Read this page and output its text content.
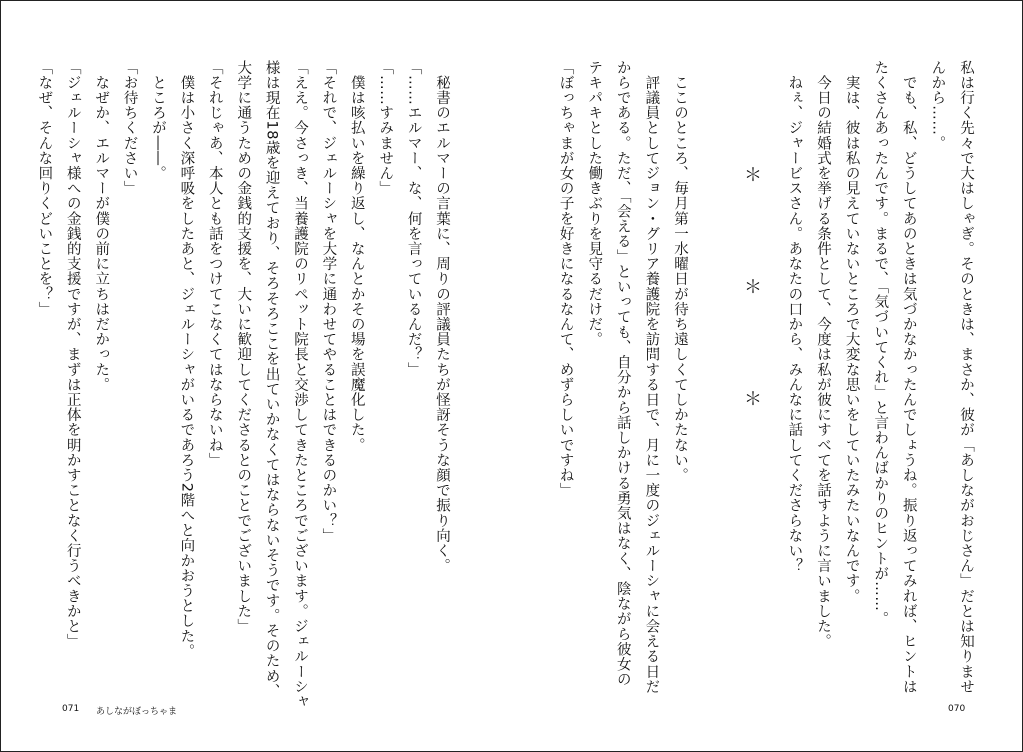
私は行く先々で大はしゃぎ。そのときは、まさか、彼が「あしながおじさん」だとは知りませ
んから……。
　でも、私、どうしてあのときは気づかなかったんでしょうね。振り返ってみれば、ヒントは
たくさんあったんです。まるで、「気づいてくれ」と言わんばかりのヒントが……。
　実は、彼は私の見えていないところで大変な思いをしていたみたいなんです。
　今日の結婚式を挙げる条件として、今度は私が彼にすべてを話すように言いました。
　ねぇ、ジャービスさん。あなたの口から、みんなに話してくださらない？
　ここのところ、毎月第一水曜日が待ち遠しくてしかたない。
　評議員としてジョン・グリア養護院を訪問する日で、月に一度のジェルーシャに会える日だ
からである。ただ、「会える」といっても、自分から話しかける勇気はなく、陰ながら彼女の
テキパキとした働きぶりを見守るだけだ。
「ぼっちゃまが女の子を好きになるなんて、めずらしいですね」
　秘書のエルマーの言葉に、周りの評議員たちが怪訝そうな顔で振り向く。
「……エルマー、な、何を言っているんだ？」
「……すみません」
　僕は咳払いを繰り返し、なんとかその場を誤魔化した。
「それで、ジェルーシャを大学に通わせてやることはできるのかい？」
「ええ。今さっき、当養護院のリペット院長と交渉してきたところでございます。ジェルーシャ
様は現在18歳を迎えており、そろそろここを出ていかなくてはならないそうです。そのため、
大学に通うための金銭的支援を、大いに歓迎してくださるとのことでございました」
「それじゃあ、本人とも話をつけてこなくてはならないね」
　僕は小さく深呼吸をしたあと、ジェルーシャがいるであろう2階へと向かおうとした。
　ところが――。
「お待ちください」
　なぜか、エルマーが僕の前に立ちはだかった。
「ジェルーシャ様への金銭的支援ですが、まずは正体を明かすことなく行うべきかと」
「なぜ、そんな回りくどいことを？」	＊
＊
＊
070
071 あしながぼっちゃま
